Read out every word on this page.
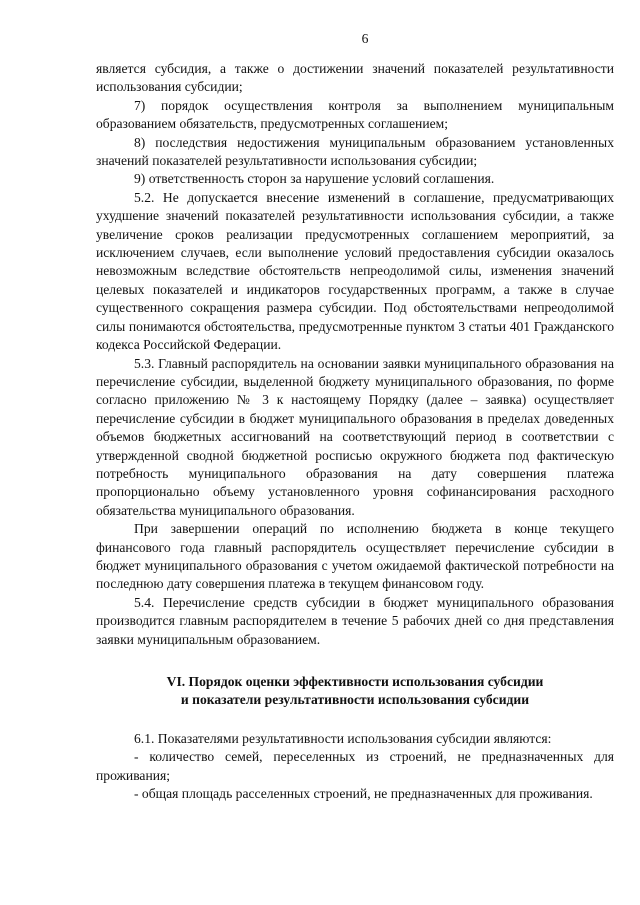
6

является субсидия, а также о достижении значений показателей результативности использования субсидии;

7) порядок осуществления контроля за выполнением муниципальным образованием обязательств, предусмотренных соглашением;

8) последствия недостижения муниципальным образованием установленных значений показателей результативности использования субсидии;

9) ответственность сторон за нарушение условий соглашения.

5.2. Не допускается внесение изменений в соглашение, предусматривающих ухудшение значений показателей результативности использования субсидии, а также увеличение сроков реализации предусмотренных соглашением мероприятий, за исключением случаев, если выполнение условий предоставления субсидии оказалось невозможным вследствие обстоятельств непреодолимой силы, изменения значений целевых показателей и индикаторов государственных программ, а также в случае существенного сокращения размера субсидии. Под обстоятельствами непреодолимой силы понимаются обстоятельства, предусмотренные пунктом 3 статьи 401 Гражданского кодекса Российской Федерации.

5.3. Главный распорядитель на основании заявки муниципального образования на перечисление субсидии, выделенной бюджету муниципального образования, по форме согласно приложению № 3 к настоящему Порядку (далее – заявка) осуществляет перечисление субсидии в бюджет муниципального образования в пределах доведенных объемов бюджетных ассигнований на соответствующий период в соответствии с утвержденной сводной бюджетной росписью окружного бюджета под фактическую потребность муниципального образования на дату совершения платежа пропорционально объему установленного уровня софинансирования расходного обязательства муниципального образования.

При завершении операций по исполнению бюджета в конце текущего финансового года главный распорядитель осуществляет перечисление субсидии в бюджет муниципального образования с учетом ожидаемой фактической потребности на последнюю дату совершения платежа в текущем финансовом году.

5.4. Перечисление средств субсидии в бюджет муниципального образования производится главным распорядителем в течение 5 рабочих дней со дня представления заявки муниципальным образованием.

VI. Порядок оценки эффективности использования субсидии
и показатели результативности использования субсидии

6.1. Показателями результативности использования субсидии являются:

- количество семей, переселенных из строений, не предназначенных для проживания;

- общая площадь расселенных строений, не предназначенных для проживания.
